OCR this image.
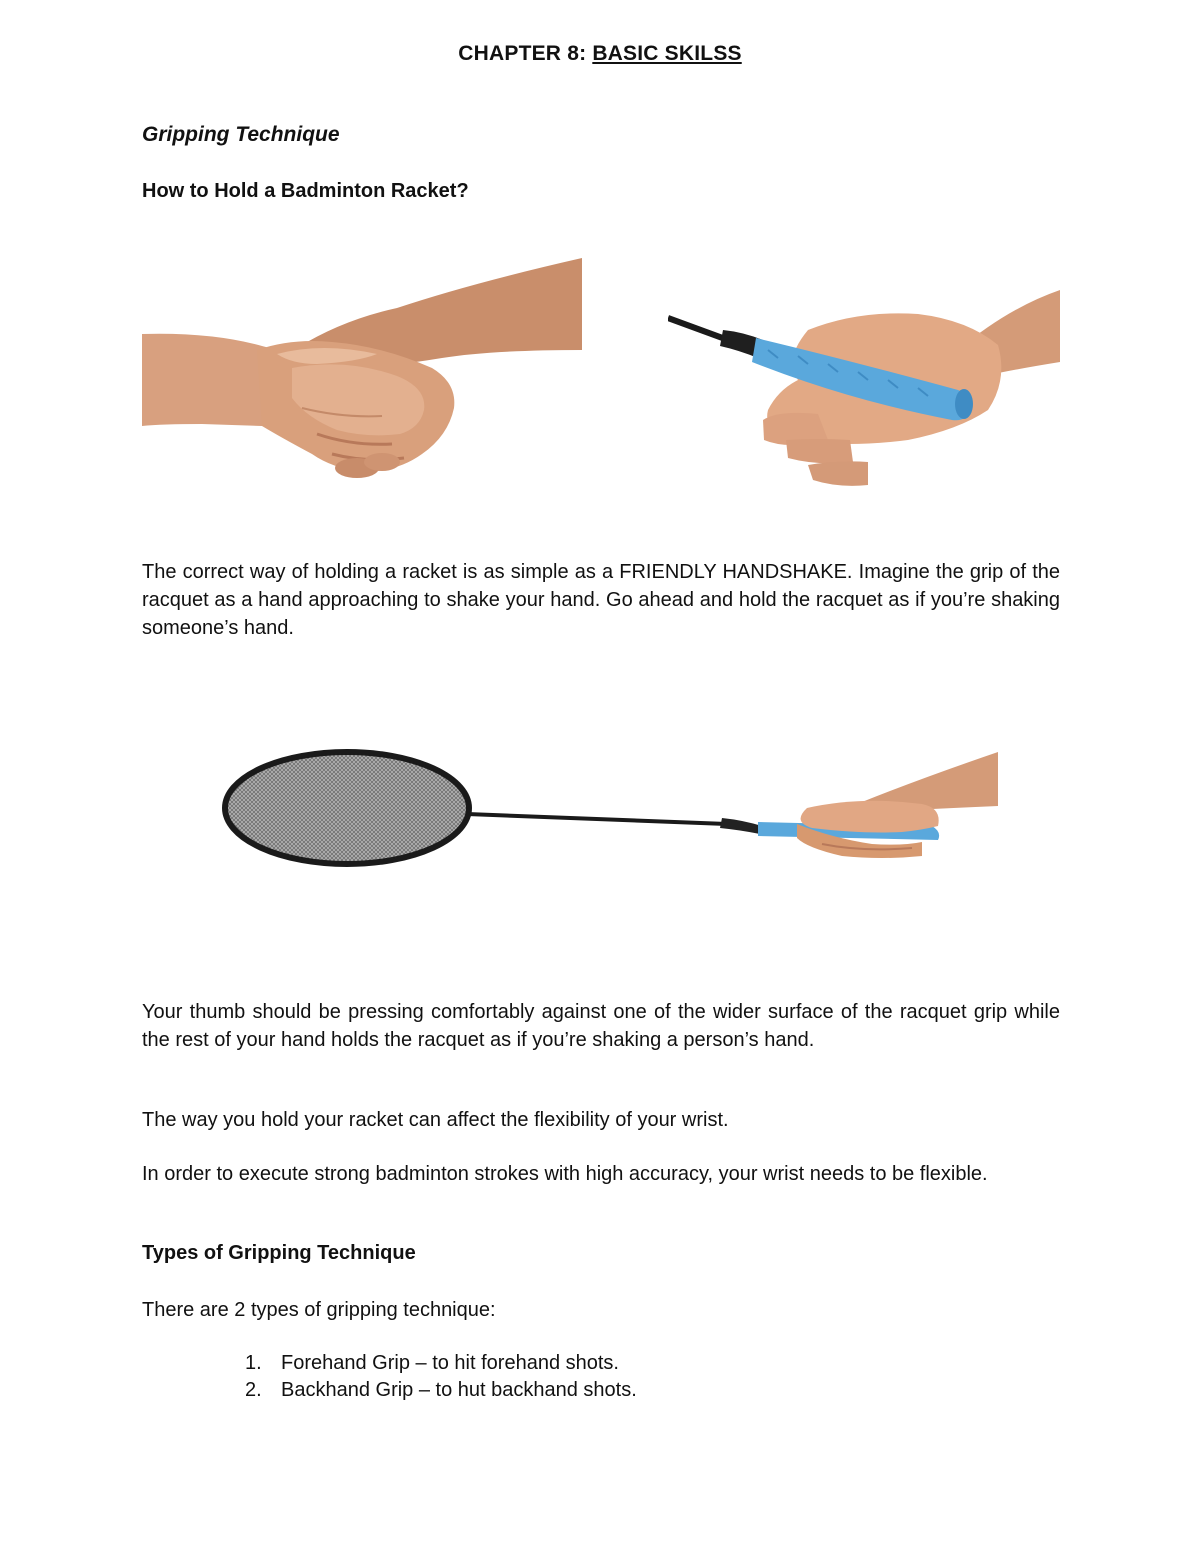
CHAPTER 8: BASIC SKILSS
Gripping Technique
How to Hold a Badminton Racket?
The correct way of holding a racket is as simple as a FRIENDLY HANDSHAKE. Imagine the grip of the racquet as a hand approaching to shake your hand. Go ahead and hold the racquet as if you’re shaking someone’s hand.
Your thumb should be pressing comfortably against one of the wider surface of the racquet grip while the rest of your hand holds the racquet as if you’re shaking a person’s hand.
The way you hold your racket can affect the flexibility of your wrist.
In order to execute strong badminton strokes with high accuracy, your wrist needs to be flexible.
Types of Gripping Technique
There are 2 types of gripping technique:
1. Forehand Grip – to hit forehand shots.
2. Backhand Grip – to hut backhand shots.
